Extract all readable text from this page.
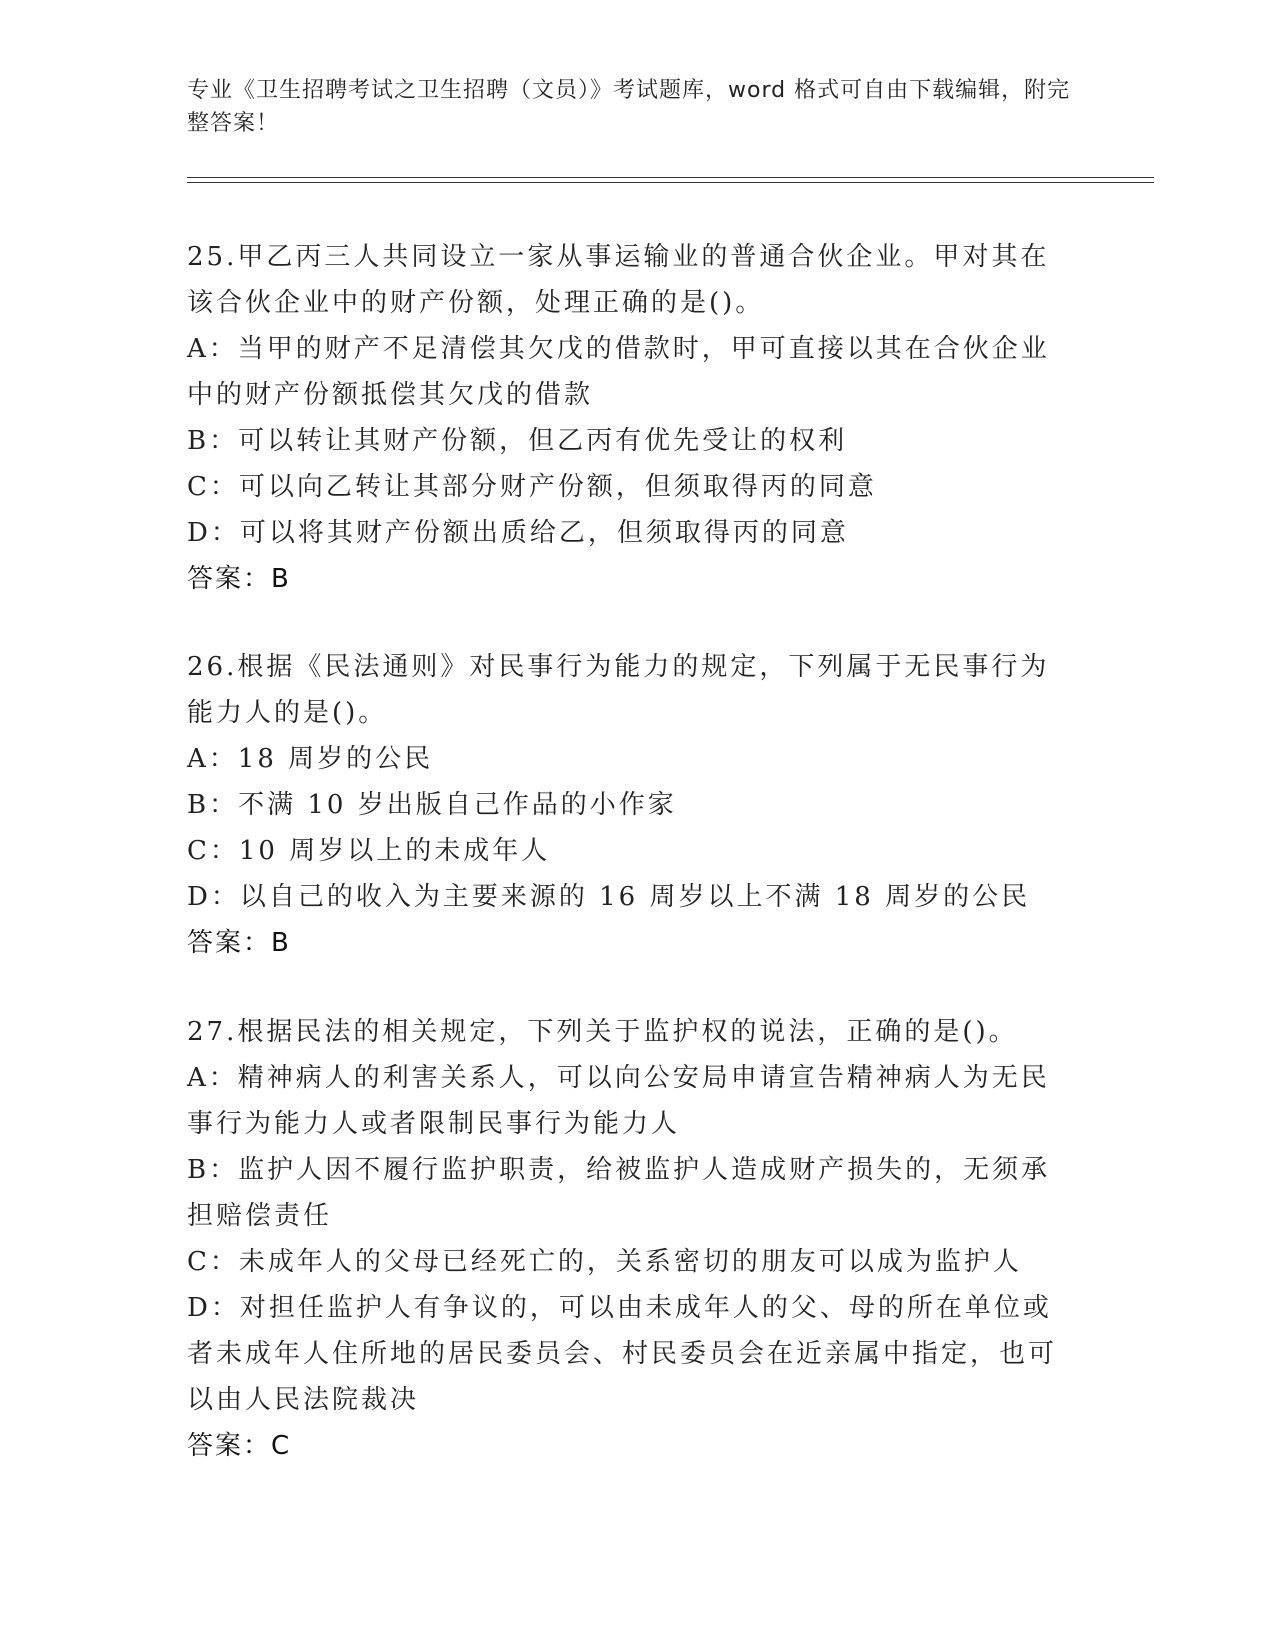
专业《卫生招聘考试之卫生招聘（文员）》考试题库，word 格式可自由下载编辑，附完整答案！
25.甲乙丙三人共同设立一家从事运输业的普通合伙企业。甲对其在该合伙企业中的财产份额，处理正确的是()。
A：当甲的财产不足清偿其欠戊的借款时，甲可直接以其在合伙企业中的财产份额抵偿其欠戊的借款
B：可以转让其财产份额，但乙丙有优先受让的权利
C：可以向乙转让其部分财产份额，但须取得丙的同意
D：可以将其财产份额出质给乙，但须取得丙的同意
答案：B
26.根据《民法通则》对民事行为能力的规定，下列属于无民事行为能力人的是()。
A：18 周岁的公民
B：不满 10 岁出版自己作品的小作家
C：10 周岁以上的未成年人
D：以自己的收入为主要来源的 16 周岁以上不满 18 周岁的公民
答案：B
27.根据民法的相关规定，下列关于监护权的说法，正确的是()。
A：精神病人的利害关系人，可以向公安局申请宣告精神病人为无民事行为能力人或者限制民事行为能力人
B：监护人因不履行监护职责，给被监护人造成财产损失的，无须承担赔偿责任
C：未成年人的父母已经死亡的，关系密切的朋友可以成为监护人
D：对担任监护人有争议的，可以由未成年人的父、母的所在单位或者未成年人住所地的居民委员会、村民委员会在近亲属中指定，也可以由人民法院裁决
答案：C
